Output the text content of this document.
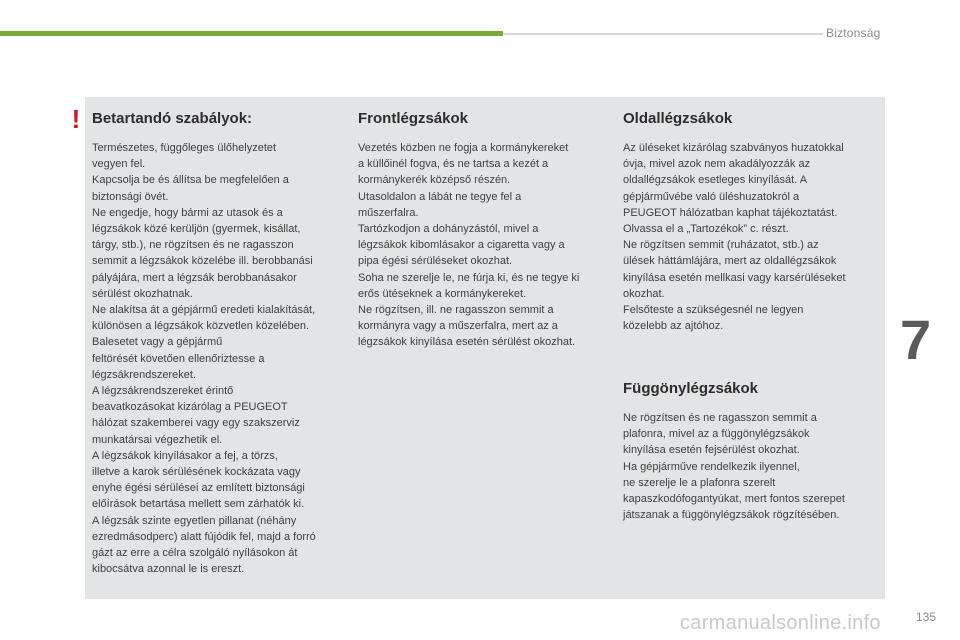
Biztonság
! Betartandó szabályok:

Természetes, függőleges ülőhelyzetet
vegyen fel.
Kapcsolja be és állítsa be megfelelően a
biztonsági övét.
Ne engedje, hogy bármi az utasok és a
légzsákok közé kerüljön (gyermek, kisállat,
tárgy, stb.), ne rögzítsen és ne ragasszon
semmit a légzsákok közelébe ill. berobbanási
pályájára, mert a légzsák berobbanásakor
sérülést okozhatnak.
Ne alakítsa át a gépjármű eredeti kialakítását,
különösen a légzsákok közvetlen közelében.
Balesetet vagy a gépjármű
feltörését követően ellenőriztesse a
légzsákrendszereket.
A légzsákrendszereket érintő
beavatkozásokat kizárólag a PEUGEOT
hálózat szakemberei vagy egy szakszerviz
munkatársai végezhetik el.
A légzsákok kinyílásakor a fej, a törzs,
illetve a karok sérülésének kockázata vagy
enyhe égési sérülései az említett biztonsági
előírások betartása mellett sem zárhatók ki.
A légzsák szinte egyetlen pillanat (néhány
ezredmásodperc) alatt fújódik fel, majd a forró
gázt az erre a célra szolgáló nyílásokon át
kibocsátva azonnal le is ereszt.

Frontlégzsákok

Vezetés közben ne fogja a kormánykereket
a küllőinél fogva, és ne tartsa a kezét a
kormánykerék középső részén.
Utasoldalon a lábát ne tegye fel a
műszerfalra.
Tartózkodjon a dohányzástól, mivel a
légzsákok kibomlásakor a cigaretta vagy a
pipa égési sérüléseket okozhat.
Soha ne szerelje le, ne fúrja ki, és ne tegye ki
erős ütéseknek a kormánykereket.
Ne rögzítsen, ill. ne ragasszon semmit a
kormányra vagy a műszerfalra, mert az a
légzsákok kinyílása esetén sérülést okozhat.

Oldallégzsákok

Az üléseket kizárólag szabványos huzatokkal
óvja, mivel azok nem akadályozzák az
oldallégzsákok esetleges kinyílását. A
gépjárművébe való üléshuzatokról a
PEUGEOT hálózatban kaphat tájékoztatást.
Olvassa el a „Tartozékok” c. részt.
Ne rögzítsen semmit (ruházatot, stb.) az
ülések háttámlájára, mert az oldallégzsákok
kinyílása esetén mellkasi vagy karsérüléseket
okozhat.
Felsőteste a szükségesnél ne legyen
közelebb az ajtóhoz.

Függönylégzsákok

Ne rögzítsen és ne ragasszon semmit a
plafonra, mivel az a függönylégzsákok
kinyílása esetén fejsérülést okozhat.
Ha gépjárműve rendelkezik ilyennel,
ne szerelje le a plafonra szerelt
kapaszkodófogantyúkat, mert fontos szerepet
játszanak a függönylégzsákok rögzítésében.

7
carmanualsonline.info	135
